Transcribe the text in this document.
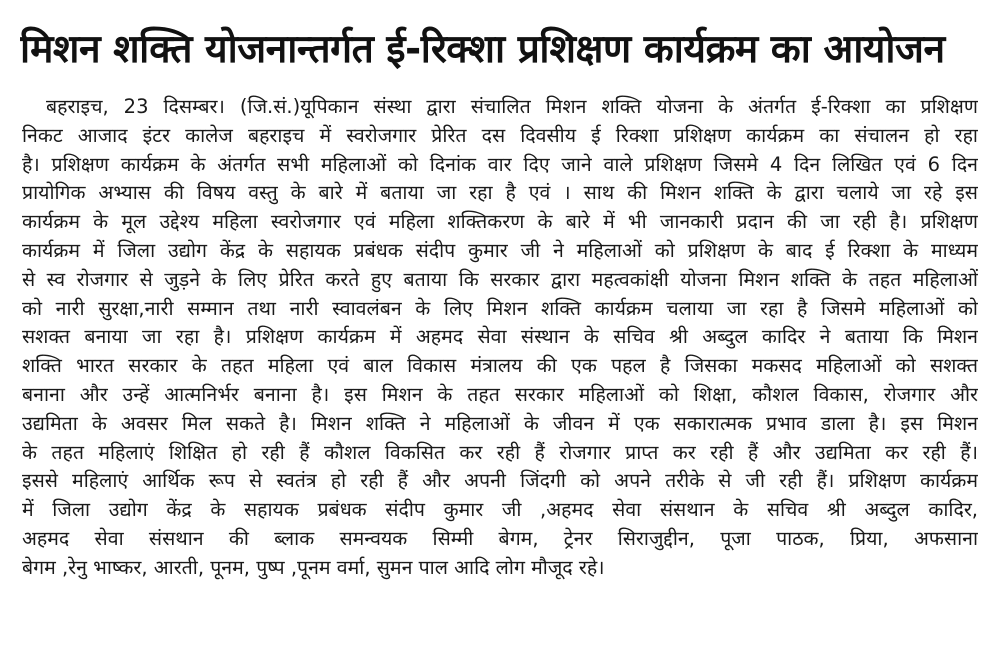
मिशन शक्ति योजनान्तर्गत ई-रिक्शा प्रशिक्षण कार्यक्रम का आयोजन
बहराइच, 23 दिसम्बर। (जि.सं.)यूपिकान संस्था द्वारा संचालित मिशन शक्ति योजना के अंतर्गत ई-रिक्शा का प्रशिक्षण
निकट आजाद इंटर कालेज बहराइच में स्वरोजगार प्रेरित दस दिवसीय ई रिक्शा प्रशिक्षण कार्यक्रम का संचालन हो रहा
है। प्रशिक्षण कार्यक्रम के अंतर्गत सभी महिलाओं को दिनांक वार दिए जाने वाले प्रशिक्षण जिसमे 4 दिन लिखित एवं 6 दिन
प्रायोगिक अभ्यास की विषय वस्तु के बारे में बताया जा रहा है एवं । साथ की मिशन शक्ति के द्वारा चलाये जा रहे इस
कार्यक्रम के मूल उद्देश्य महिला स्वरोजगार एवं महिला शक्तिकरण के बारे में भी जानकारी प्रदान की जा रही है। प्रशिक्षण
कार्यक्रम में जिला उद्योग केंद्र के सहायक प्रबंधक संदीप कुमार जी ने महिलाओं को प्रशिक्षण के बाद ई रिक्शा के माध्यम
से स्व रोजगार से जुड़ने के लिए प्रेरित करते हुए बताया कि सरकार द्वारा महत्वकांक्षी योजना मिशन शक्ति के तहत महिलाओं
को नारी सुरक्षा,नारी सम्मान तथा नारी स्वावलंबन के लिए मिशन शक्ति कार्यक्रम चलाया जा रहा है जिसमे महिलाओं को
सशक्त बनाया जा रहा है। प्रशिक्षण कार्यक्रम में अहमद सेवा संस्थान के सचिव श्री अब्दुल कादिर ने बताया कि मिशन
शक्ति भारत सरकार के तहत महिला एवं बाल विकास मंत्रालय की एक पहल है जिसका मकसद महिलाओं को सशक्त
बनाना और उन्हें आत्मनिर्भर बनाना है। इस मिशन के तहत सरकार महिलाओं को शिक्षा, कौशल विकास, रोजगार और
उद्यमिता के अवसर मिल सकते है। मिशन शक्ति ने महिलाओं के जीवन में एक सकारात्मक प्रभाव डाला है। इस मिशन
के तहत महिलाएं शिक्षित हो रही हैं कौशल विकसित कर रही हैं रोजगार प्राप्त कर रही हैं और उद्यमिता कर रही हैं।
इससे महिलाएं आर्थिक रूप से स्वतंत्र हो रही हैं और अपनी जिंदगी को अपने तरीके से जी रही हैं। प्रशिक्षण कार्यक्रम
में जिला उद्योग केंद्र के सहायक प्रबंधक संदीप कुमार जी ,अहमद सेवा संसथान के सचिव श्री अब्दुल कादिर,
अहमद सेवा संसथान की ब्लाक समन्वयक सिम्मी बेगम, ट्रेनर सिराजुद्दीन, पूजा पाठक, प्रिया, अफसाना
बेगम ,रेनु भाष्कर, आरती, पूनम, पुष्प ,पूनम वर्मा, सुमन पाल आदि लोग मौजूद रहे।
